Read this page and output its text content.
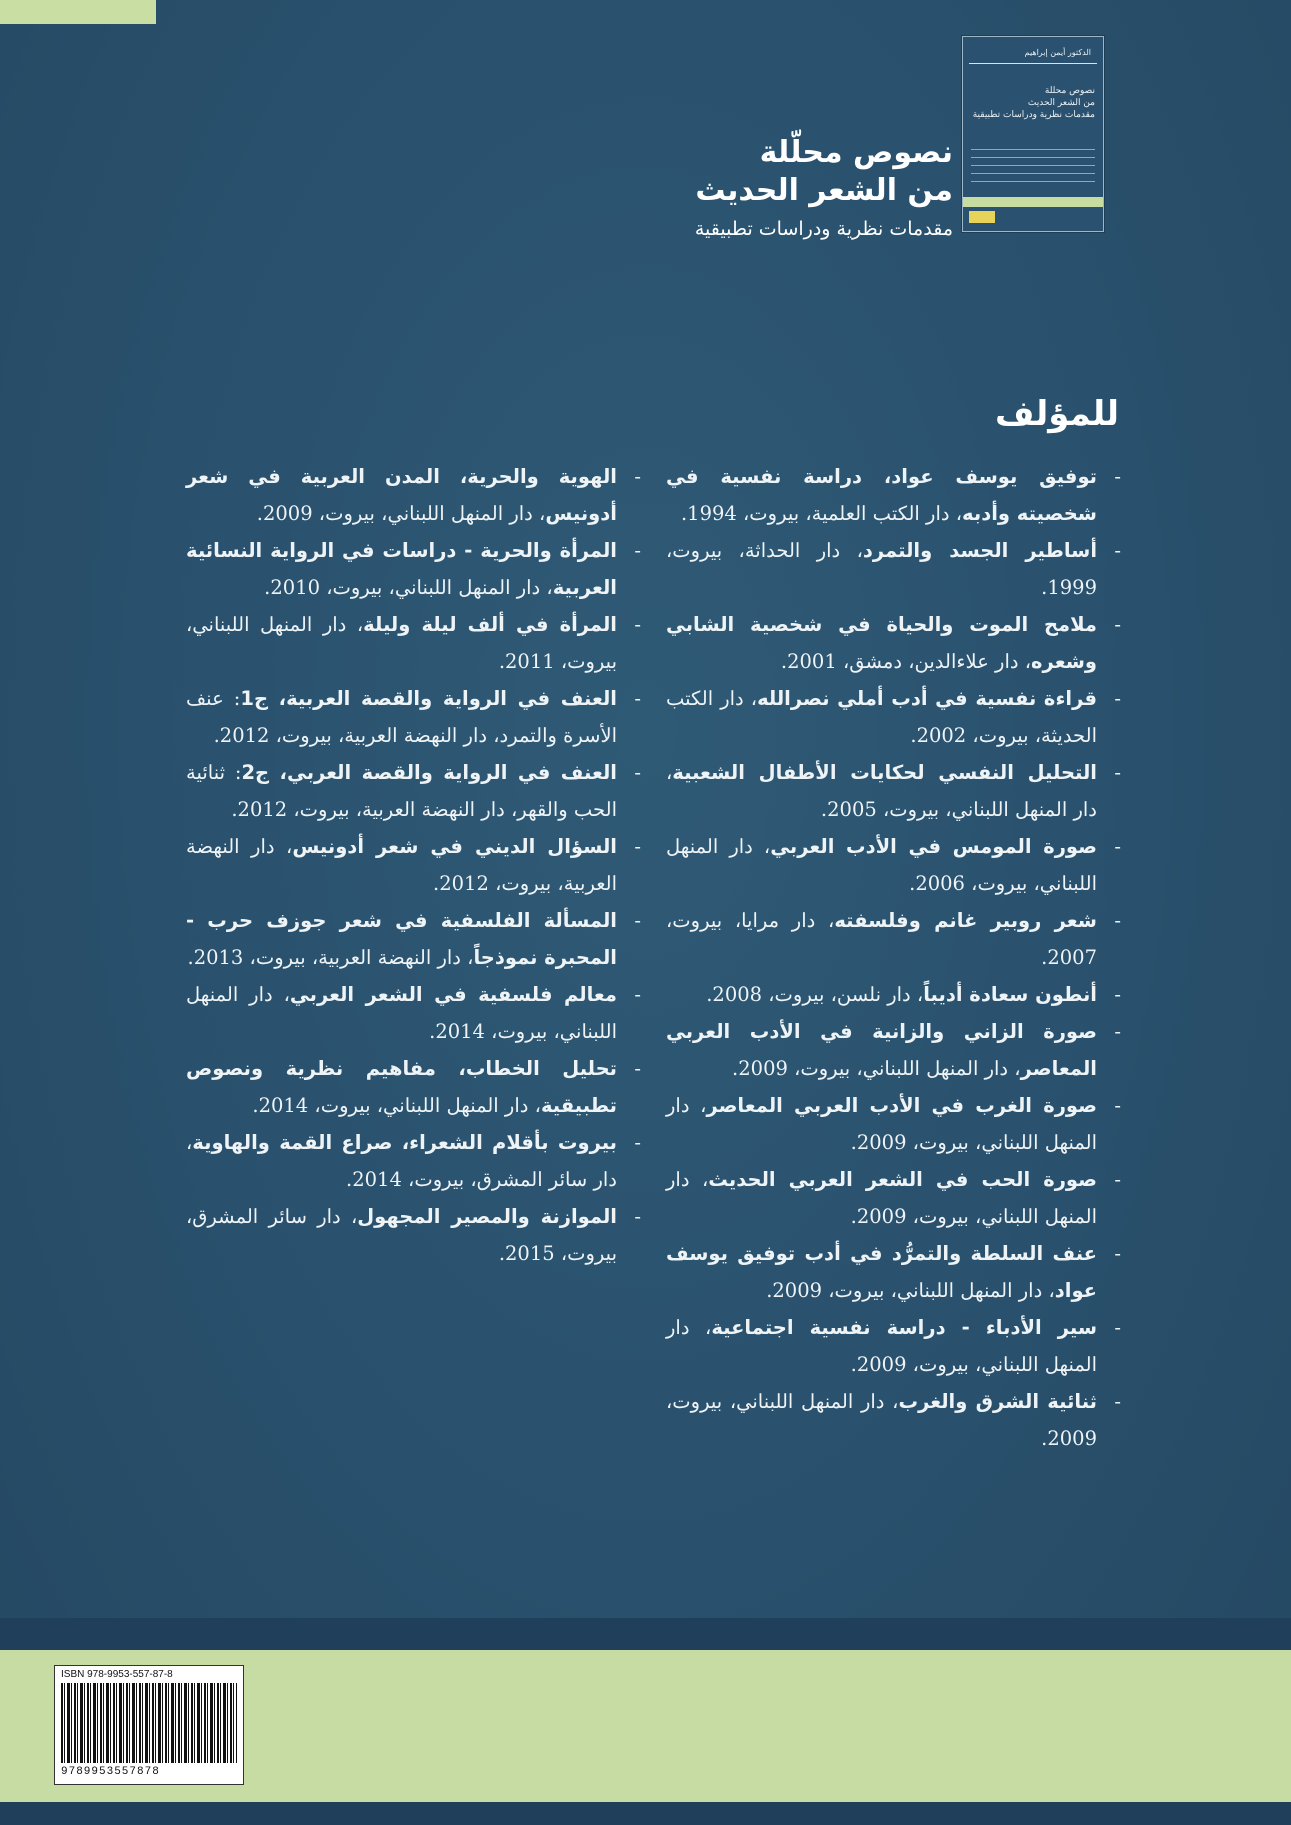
الدكتور أيمن إبراهيم
نصوص محللة
من الشعر الحديث
مقدمات نظرية ودراسات تطبيقية
نصوص محلّلة
من الشعر الحديث
مقدمات نظرية ودراسات تطبيقية
للمؤلف
-توفيق يوسف عواد، دراسة نفسية في شخصيته وأدبه، دار الكتب العلمية، بيروت، 1994.
-أساطير الجسد والتمرد، دار الحداثة، بيروت، 1999.
-ملامح الموت والحياة في شخصية الشابي وشعره، دار علاءالدين، دمشق، 2001.
-قراءة نفسية في أدب أملي نصرالله، دار الكتب الحديثة، بيروت، 2002.
-التحليل النفسي لحكايات الأطفال الشعبية، دار المنهل اللبناني، بيروت، 2005.
-صورة المومس في الأدب العربي، دار المنهل اللبناني، بيروت، 2006.
-شعر روبير غانم وفلسفته، دار مرايا، بيروت، 2007.
-أنطون سعادة أديباً، دار نلسن، بيروت، 2008.
-صورة الزاني والزانية في الأدب العربي المعاصر، دار المنهل اللبناني، بيروت، 2009.
-صورة الغرب في الأدب العربي المعاصر، دار المنهل اللبناني، بيروت، 2009.
-صورة الحب في الشعر العربي الحديث، دار المنهل اللبناني، بيروت، 2009.
-عنف السلطة والتمرُّد في أدب توفيق يوسف عواد، دار المنهل اللبناني، بيروت، 2009.
-سير الأدباء - دراسة نفسية اجتماعية، دار المنهل اللبناني، بيروت، 2009.
-ثنائية الشرق والغرب، دار المنهل اللبناني، بيروت، 2009.
-الهوية والحرية، المدن العربية في شعر أدونيس، دار المنهل اللبناني، بيروت، 2009.
-المرأة والحرية - دراسات في الرواية النسائية العربية، دار المنهل اللبناني، بيروت، 2010.
-المرأة في ألف ليلة وليلة، دار المنهل اللبناني، بيروت، 2011.
-العنف في الرواية والقصة العربية، ج1: عنف الأسرة والتمرد، دار النهضة العربية، بيروت، 2012.
-العنف في الرواية والقصة العربي، ج2: ثنائية الحب والقهر، دار النهضة العربية، بيروت، 2012.
-السؤال الديني في شعر أدونيس، دار النهضة العربية، بيروت، 2012.
-المسألة الفلسفية في شعر جوزف حرب - المحبرة نموذجاً، دار النهضة العربية، بيروت، 2013.
-معالم فلسفية في الشعر العربي، دار المنهل اللبناني، بيروت، 2014.
-تحليل الخطاب، مفاهيم نظرية ونصوص تطبيقية، دار المنهل اللبناني، بيروت، 2014.
-بيروت بأقلام الشعراء، صراع القمة والهاوية، دار سائر المشرق، بيروت، 2014.
-الموازنة والمصير المجهول، دار سائر المشرق، بيروت، 2015.
ISBN 978-9953-557-87-8
9789953557878
